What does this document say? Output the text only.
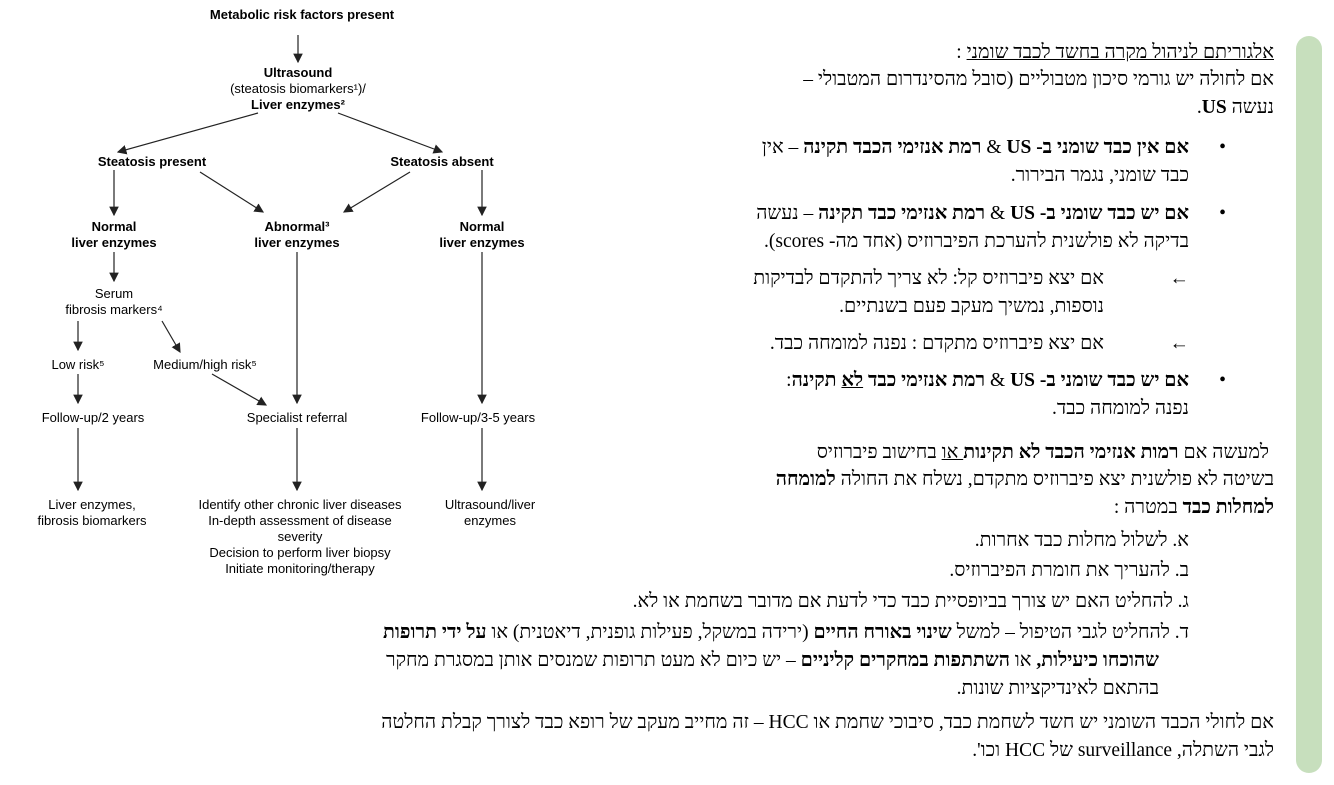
Metabolic risk factors present
Ultrasound
(steatosis biomarkers¹)/
Liver enzymes²
Steatosis present	Steatosis absent
Normal
liver enzymes
Abnormal³
liver enzymes
Normal
liver enzymes
Serum
fibrosis markers⁴
Low risk⁵	Medium/high risk⁵
Follow-up/2 years	Specialist referral	Follow-up/3-5 years
Liver enzymes,
fibrosis biomarkers
Identify other chronic liver diseases
In-depth assessment of disease
severity
Decision to perform liver biopsy
Initiate monitoring/therapy
Ultrasound/liver
enzymes
אלגוריתם לניהול מקרה בחשד לכבד שומני :
אם לחולה יש גורמי סיכון מטבוליים (סובל מהסינדרום המטבולי –
נעשה US.
•
אם אין כבד שומני ב- US & רמת אנזימי הכבד תקינה – אין
כבד שומני, נגמר הבירור.
•
אם יש כבד שומני ב- US & רמת אנזימי כבד תקינה – נעשה
בדיקה לא פולשנית להערכת הפיברוזיס (אחד מה- scores).
←
אם יצא פיברוזיס קל: לא צריך להתקדם לבדיקות
נוספות, נמשיך מעקב פעם בשנתיים.
←
אם יצא פיברוזיס מתקדם : נפנה למומחה כבד.
•
אם יש כבד שומני ב- US & רמת אנזימי כבד לא תקינה:
נפנה למומחה כבד.
למעשה אם רמות אנזימי הכבד לא תקינות או בחישוב פיברוזיס
בשיטה לא פולשנית יצא פיברוזיס מתקדם, נשלח את החולה למומחה
למחלות כבד במטרה :
א. לשלול מחלות כבד אחרות.
ב. להעריך את חומרת הפיברוזיס.
ג. להחליט האם יש צורך בביופסיית כבד כדי לדעת אם מדובר בשחמת או לא.
ד. להחליט לגבי הטיפול – למשל שינוי באורח החיים (ירידה במשקל, פעילות גופנית, דיאטנית) או על ידי תרופות
שהוכחו כיעילות, או השתתפות במחקרים קליניים – יש כיום לא מעט תרופות שמנסים אותן במסגרת מחקר
בהתאם לאינדיקציות שונות.
אם לחולי הכבד השומני יש חשד לשחמת כבד, סיבוכי שחמת או HCC – זה מחייב מעקב של רופא כבד לצורך קבלת החלטה
לגבי השתלה, surveillance של HCC וכו'.
